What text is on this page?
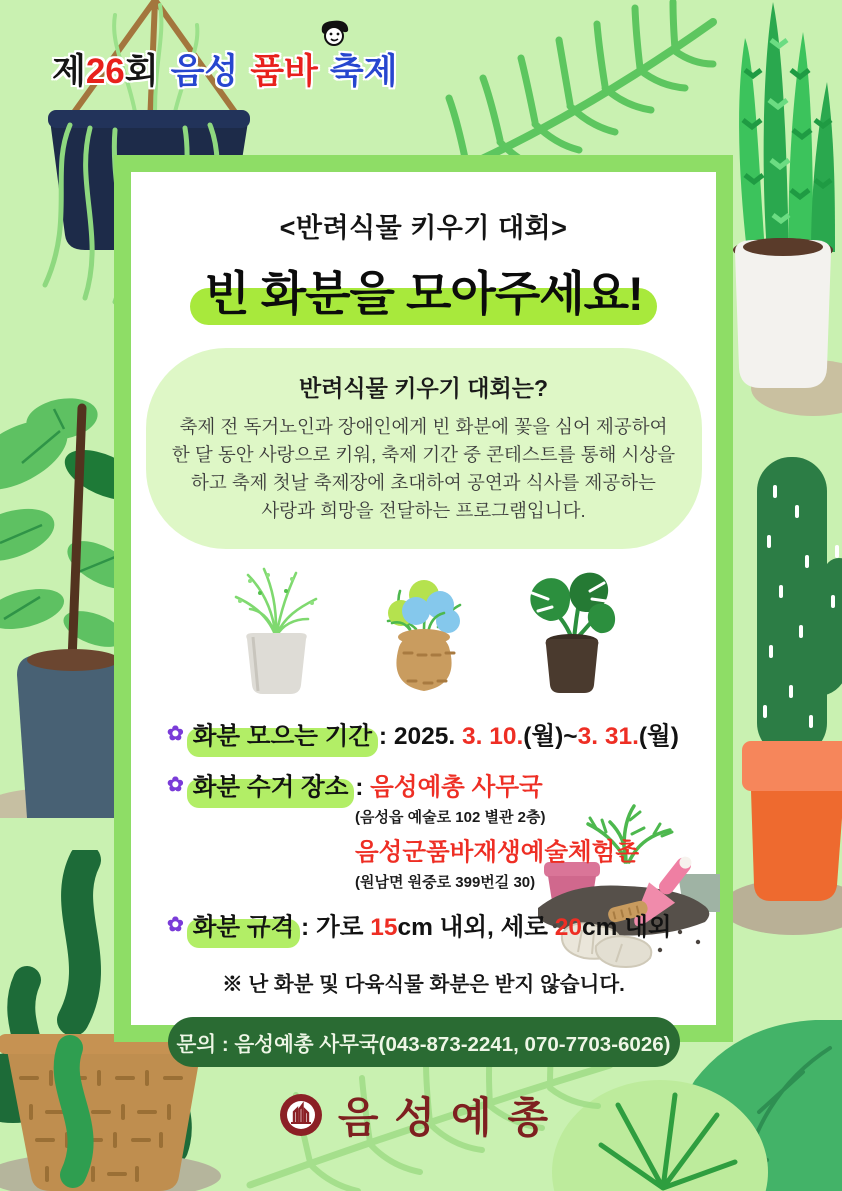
제26회 음성 품바 축제
<반려식물 키우기 대회>
빈 화분을 모아주세요!
반려식물 키우기 대회는?
축제 전 독거노인과 장애인에게 빈 화분에 꽃을 심어 제공하여
한 달 동안 사랑으로 키워, 축제 기간 중 콘테스트를 통해 시상을
하고 축제 첫날 축제장에 초대하여 공연과 식사를 제공하는
사랑과 희망을 전달하는 프로그램입니다.
✿ 화분 모으는 기간 : 2025. 3. 10.(월)~3. 31.(월)
✿ 화분 수거 장소 : 음성예총 사무국
(음성읍 예술로 102 별관 2층)
음성군품바재생예술체험촌
(원남면 원중로 399번길 30)
✿ 화분 규격 : 가로 15cm 내외, 세로 20cm 내외
※ 난 화분 및 다육식물 화분은 받지 않습니다.
문의 : 음성예총 사무국(043-873-2241, 070-7703-6026)
음성예총
